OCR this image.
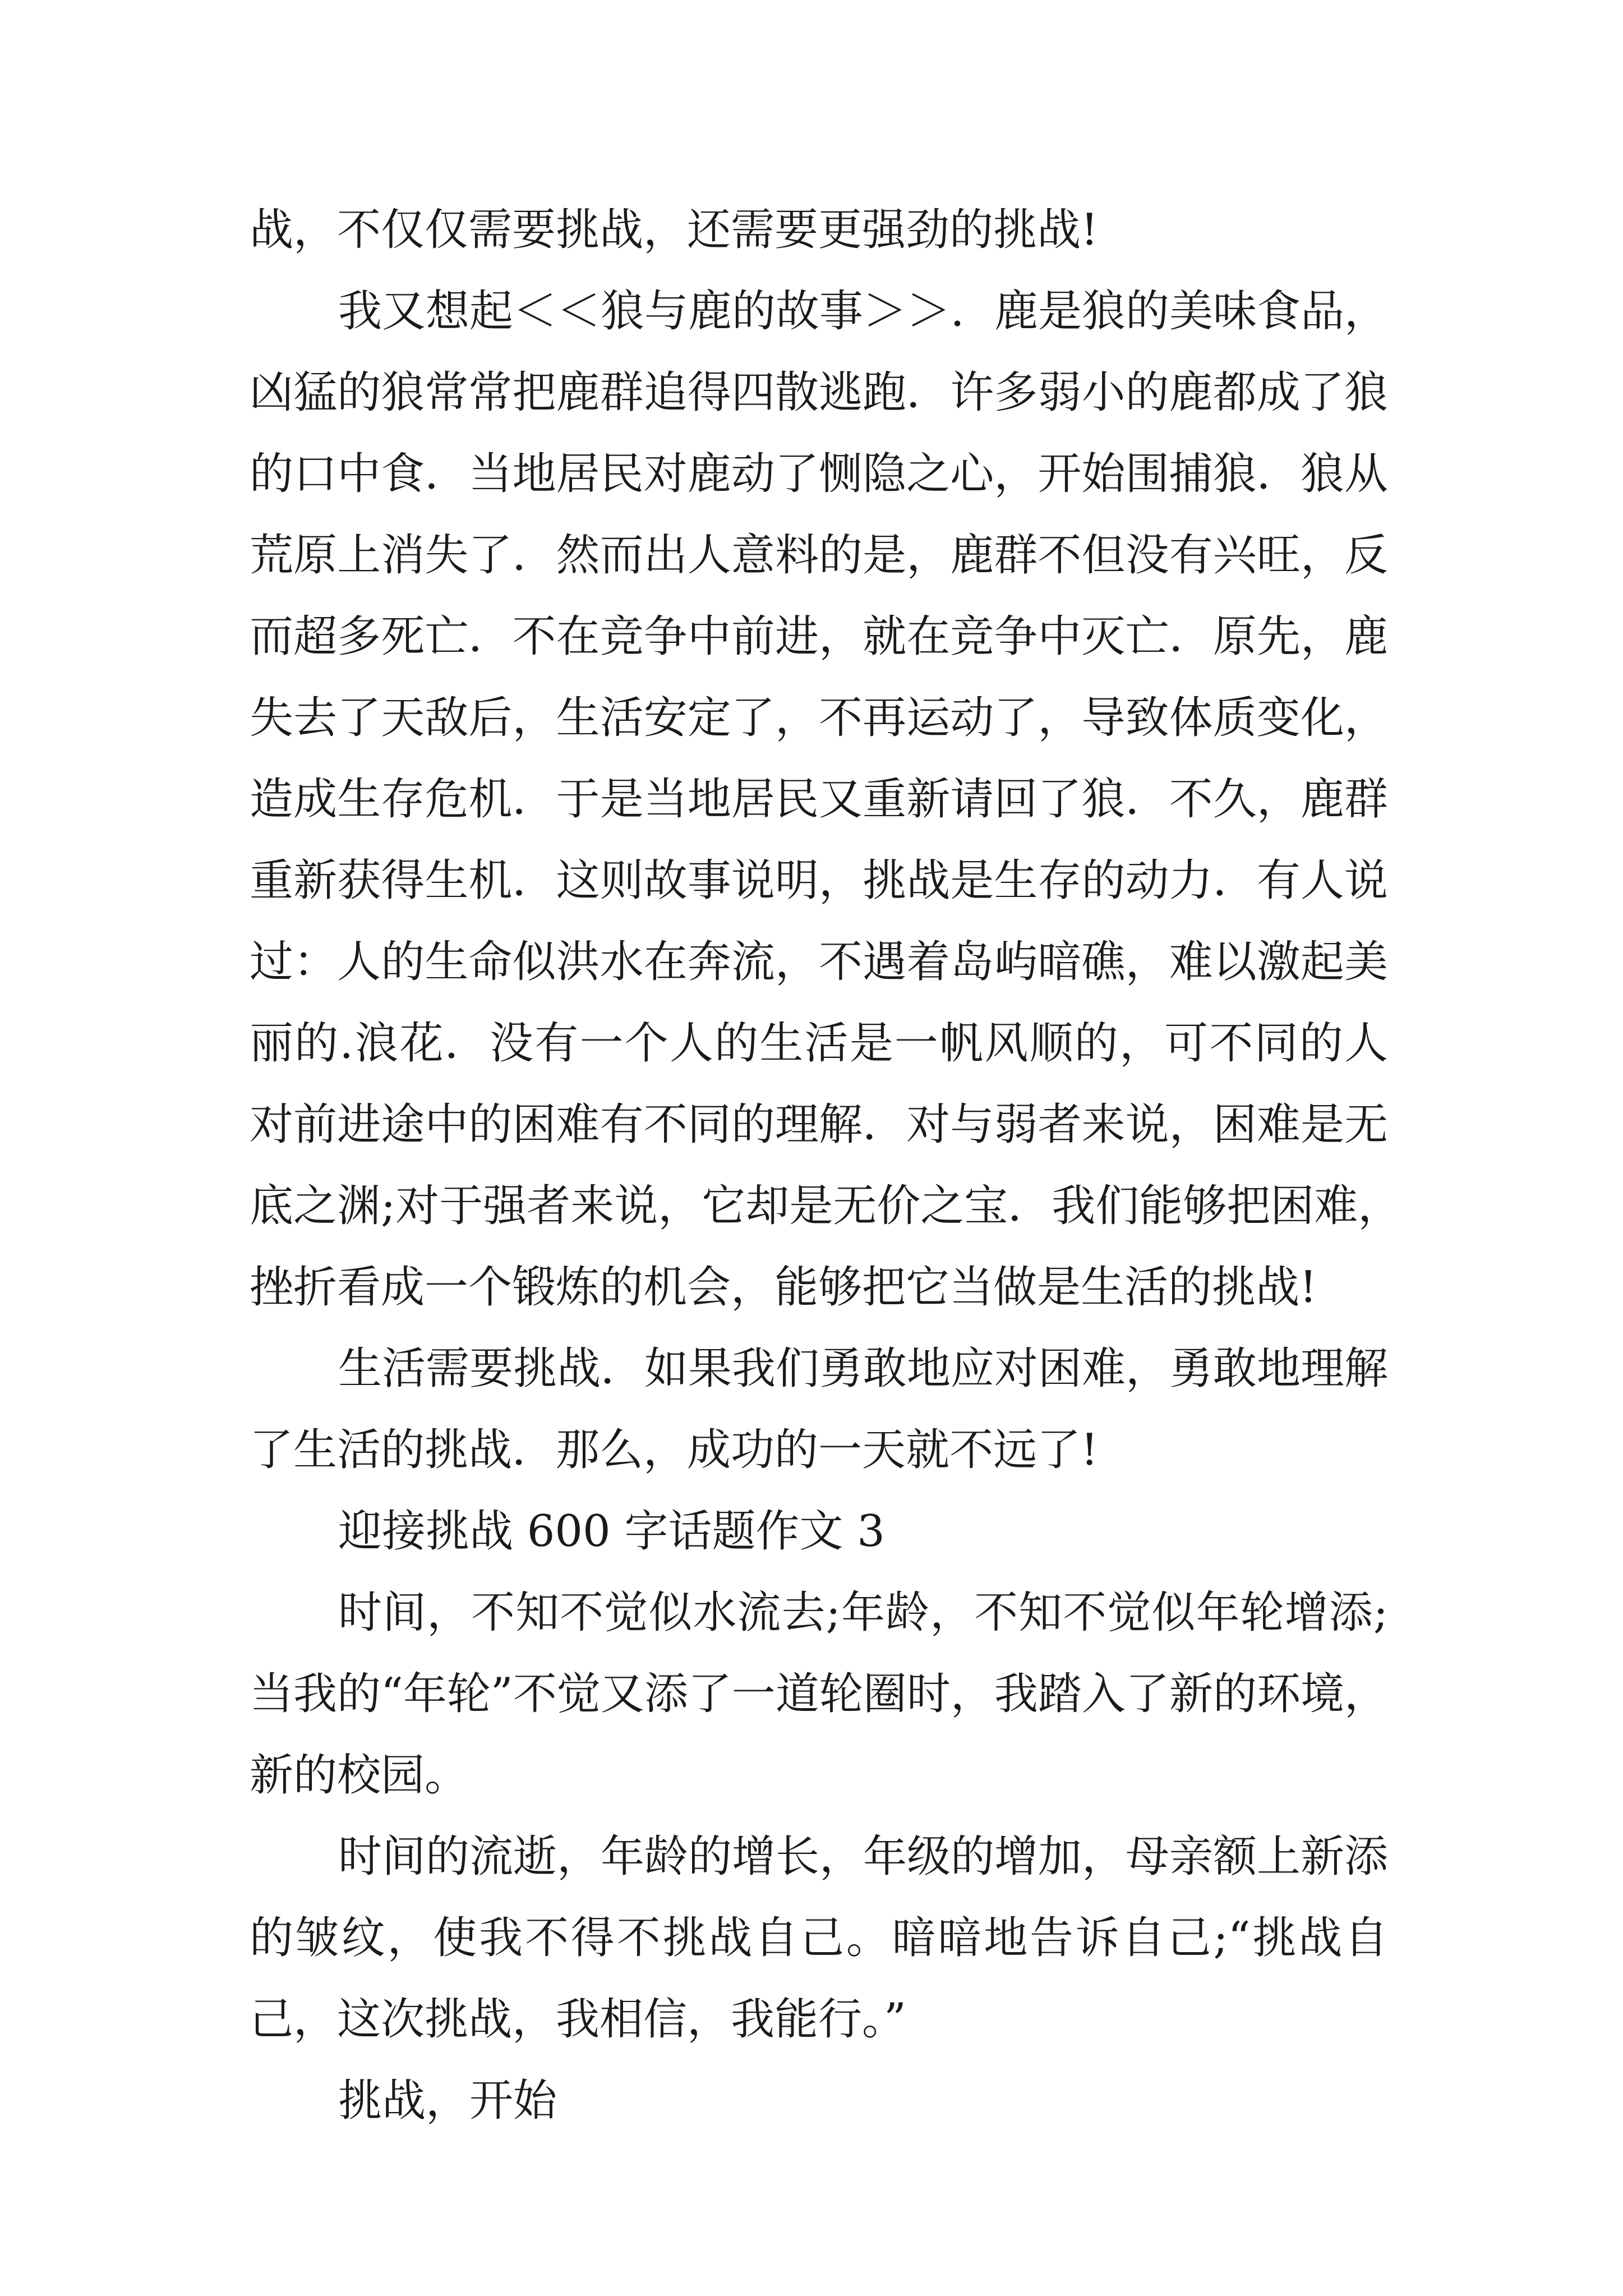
战，不仅仅需要挑战，还需要更强劲的挑战!
我又想起＜＜狼与鹿的故事＞＞．鹿是狼的美味食品，
凶猛的狼常常把鹿群追得四散逃跑．许多弱小的鹿都成了狼
的口中食．当地居民对鹿动了恻隐之心，开始围捕狼．狼从
荒原上消失了．然而出人意料的是，鹿群不但没有兴旺，反
而超多死亡．不在竞争中前进，就在竞争中灭亡．原先，鹿
失去了天敌后，生活安定了，不再运动了，导致体质变化，
造成生存危机．于是当地居民又重新请回了狼．不久，鹿群
重新获得生机．这则故事说明，挑战是生存的动力．有人说
过：人的生命似洪水在奔流，不遇着岛屿暗礁，难以激起美
丽的.浪花．没有一个人的生活是一帆风顺的，可不同的人
对前进途中的困难有不同的理解．对与弱者来说，困难是无
底之渊;对于强者来说，它却是无价之宝．我们能够把困难，
挫折看成一个锻炼的机会，能够把它当做是生活的挑战!
生活需要挑战．如果我们勇敢地应对困难，勇敢地理解
了生活的挑战．那么，成功的一天就不远了!
迎接挑战 600 字话题作文 3
时间，不知不觉似水流去;年龄，不知不觉似年轮增添;
当我的“年轮”不觉又添了一道轮圈时，我踏入了新的环境，
新的校园。
时间的流逝，年龄的增长，年级的增加，母亲额上新添
的皱纹，使我不得不挑战自己。暗暗地告诉自己;“挑战自
己，这次挑战，我相信，我能行。”
挑战，开始
